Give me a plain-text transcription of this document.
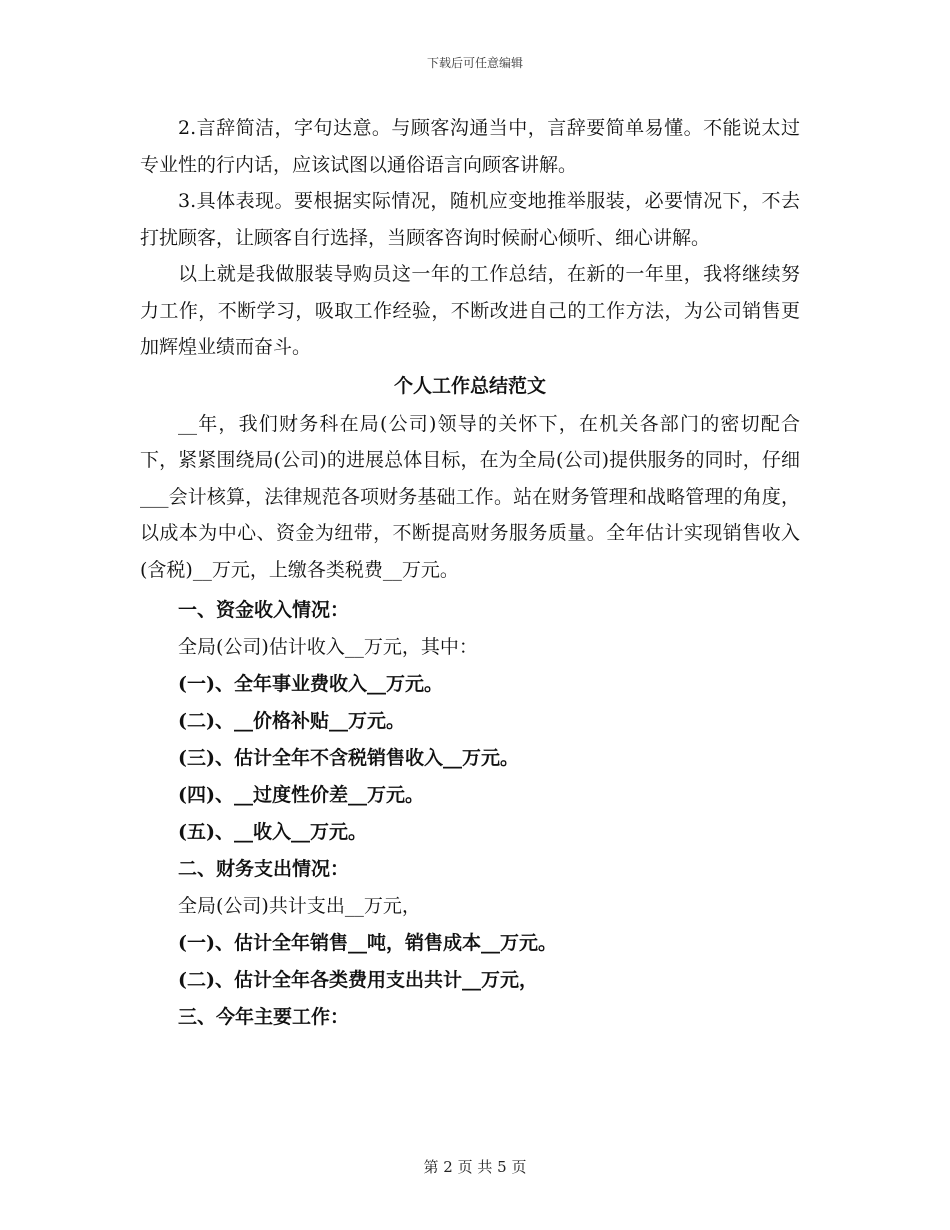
下载后可任意编辑

2.言辞简洁，字句达意。与顾客沟通当中，言辞要简单易懂。不能说太过专业性的行内话，应该试图以通俗语言向顾客讲解。

3.具体表现。要根据实际情况，随机应变地推举服装，必要情况下，不去打扰顾客，让顾客自行选择，当顾客咨询时候耐心倾听、细心讲解。

以上就是我做服装导购员这一年的工作总结，在新的一年里，我将继续努力工作，不断学习，吸取工作经验，不断改进自己的工作方法，为公司销售更加辉煌业绩而奋斗。

个人工作总结范文

__年，我们财务科在局(公司)领导的关怀下，在机关各部门的密切配合下，紧紧围绕局(公司)的进展总体目标，在为全局(公司)提供服务的同时，仔细___会计核算，法律规范各项财务基础工作。站在财务管理和战略管理的角度，以成本为中心、资金为纽带，不断提高财务服务质量。全年估计实现销售收入(含税)__万元，上缴各类税费__万元。

一、资金收入情况：

全局(公司)估计收入__万元，其中：

(一)、全年事业费收入__万元。

(二)、__价格补贴__万元。

(三)、估计全年不含税销售收入__万元。

(四)、__过度性价差__万元。

(五)、__收入__万元。

二、财务支出情况：

全局(公司)共计支出__万元，

(一)、估计全年销售__吨，销售成本__万元。

(二)、估计全年各类费用支出共计__万元，

三、今年主要工作：

第 2 页 共 5 页
